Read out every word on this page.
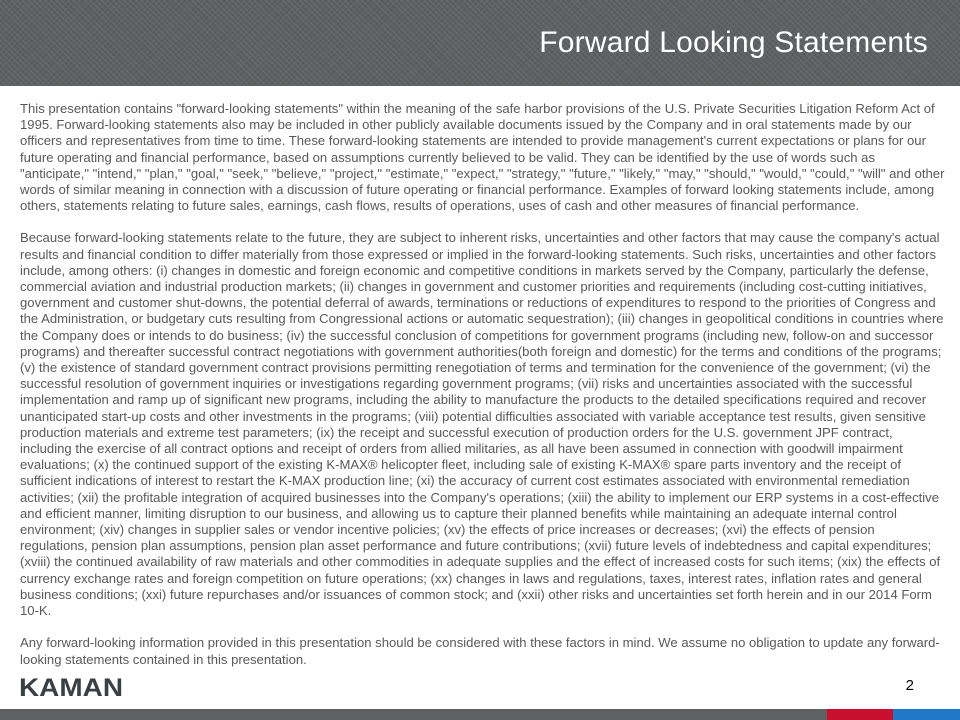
Forward Looking Statements

This presentation contains "forward-looking statements" within the meaning of the safe harbor provisions of the U.S. Private Securities Litigation Reform Act of 1995. Forward-looking statements also may be included in other publicly available documents issued by the Company and in oral statements made by our officers and representatives from time to time. These forward-looking statements are intended to provide management's current expectations or plans for our future operating and financial performance, based on assumptions currently believed to be valid. They can be identified by the use of words such as "anticipate," "intend," "plan," "goal," "seek," "believe," "project," "estimate," "expect," "strategy," "future," "likely," "may," "should," "would," "could," "will" and other words of similar meaning in connection with a discussion of future operating or financial performance. Examples of forward looking statements include, among others, statements relating to future sales, earnings, cash flows, results of operations, uses of cash and other measures of financial performance.

Because forward-looking statements relate to the future, they are subject to inherent risks, uncertainties and other factors that may cause the company's actual results and financial condition to differ materially from those expressed or implied in the forward-looking statements. Such risks, uncertainties and other factors include, among others: (i) changes in domestic and foreign economic and competitive conditions in markets served by the Company, particularly the defense, commercial aviation and industrial production markets; (ii) changes in government and customer priorities and requirements (including cost-cutting initiatives, government and customer shut-downs, the potential deferral of awards, terminations or reductions of expenditures to respond to the priorities of Congress and the Administration, or budgetary cuts resulting from Congressional actions or automatic sequestration); (iii) changes in geopolitical conditions in countries where the Company does or intends to do business; (iv) the successful conclusion of competitions for government programs (including new, follow-on and successor programs) and thereafter successful contract negotiations with government authorities(both foreign and domestic) for the terms and conditions of the programs; (v) the existence of standard government contract provisions permitting renegotiation of terms and termination for the convenience of the government; (vi) the successful resolution of government inquiries or investigations regarding government programs; (vii) risks and uncertainties associated with the successful implementation and ramp up of significant new programs, including the ability to manufacture the products to the detailed specifications required and recover unanticipated start-up costs and other investments in the programs; (viii) potential difficulties associated with variable acceptance test results, given sensitive production materials and extreme test parameters; (ix) the receipt and successful execution of production orders for the U.S. government JPF contract, including the exercise of all contract options and receipt of orders from allied militaries, as all have been assumed in connection with goodwill impairment evaluations; (x) the continued support of the existing K-MAX® helicopter fleet, including sale of existing K-MAX® spare parts inventory and the receipt of sufficient indications of interest to restart the K-MAX production line; (xi) the accuracy of current cost estimates associated with environmental remediation activities; (xii) the profitable integration of acquired businesses into the Company's operations; (xiii) the ability to implement our ERP systems in a cost-effective and efficient manner, limiting disruption to our business, and allowing us to capture their planned benefits while maintaining an adequate internal control environment; (xiv) changes in supplier sales or vendor incentive policies; (xv) the effects of price increases or decreases; (xvi) the effects of pension regulations, pension plan assumptions, pension plan asset performance and future contributions; (xvii) future levels of indebtedness and capital expenditures; (xviii) the continued availability of raw materials and other commodities in adequate supplies and the effect of increased costs for such items; (xix) the effects of currency exchange rates and foreign competition on future operations; (xx) changes in laws and regulations, taxes, interest rates, inflation rates and general business conditions; (xxi) future repurchases and/or issuances of common stock; and (xxii) other risks and uncertainties set forth herein and in our 2014 Form 10-K.

Any forward-looking information provided in this presentation should be considered with these factors in mind. We assume no obligation to update any forward-looking statements contained in this presentation.

KAMAN	2
